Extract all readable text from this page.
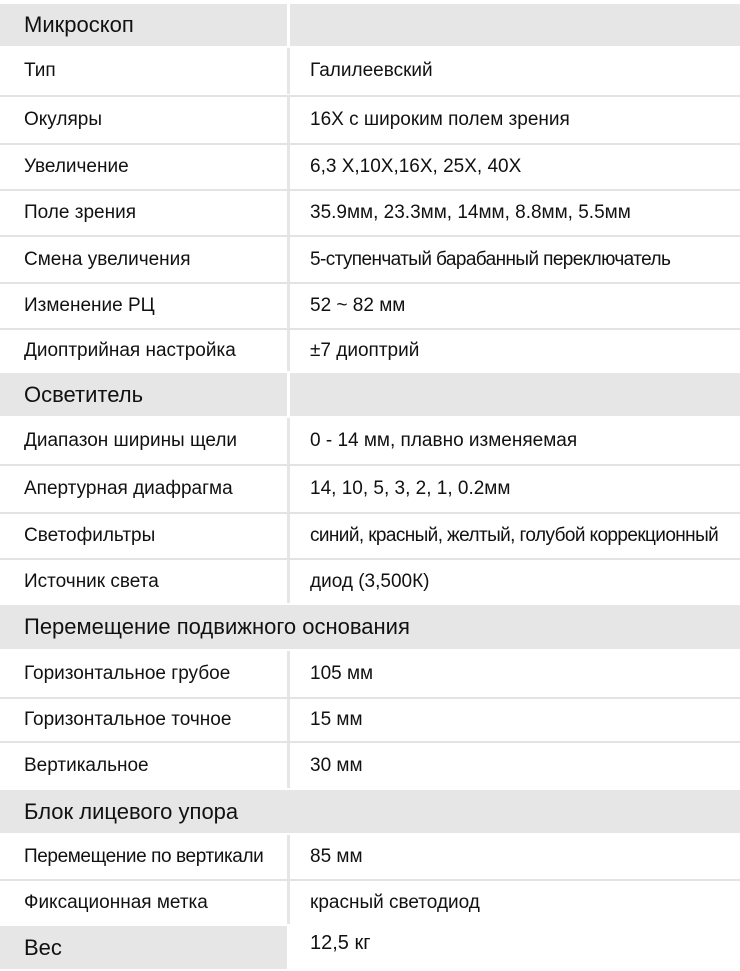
Микроскоп
Тип	Галилеевский
Окуляры	16X с широким полем зрения
Увеличение	6,3 X,10X,16X, 25X, 40X
Поле зрения	35.9мм, 23.3мм, 14мм, 8.8мм, 5.5мм
Смена увеличения	5-ступенчатый барабанный переключатель
Изменение РЦ	52 ~ 82 мм
Диоптрийная настройка	±7 диоптрий
Осветитель
Диапазон ширины щели	0 - 14 мм, плавно изменяемая
Апертурная диафрагма	14, 10, 5, 3, 2, 1, 0.2мм
Светофильтры	синий, красный, желтый, голубой коррекционный
Источник света	диод (3,500К)
Перемещение подвижного основания
Горизонтальное грубое	105 мм
Горизонтальное точное	15 мм
Вертикальное	30 мм
Блок лицевого упора
Перемещение по вертикали	85 мм
Фиксационная метка	красный светодиод
Вес	12,5 кг
